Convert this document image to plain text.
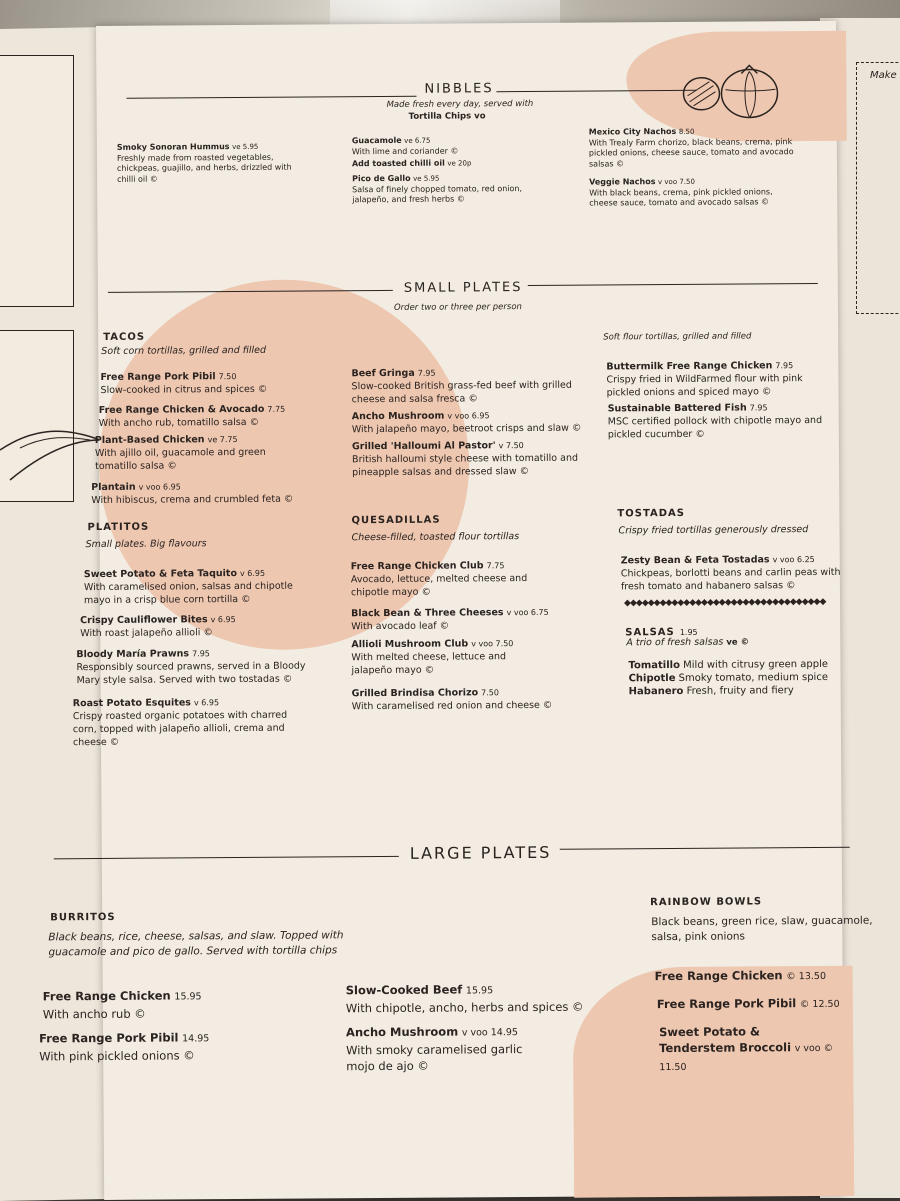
Make
NIBBLES
Made fresh every day, served with
Tortilla Chips vo
Smoky Sonoran Hummus ve 5.95
Freshly made from roasted vegetables, chickpeas, guajillo, and herbs, drizzled with chilli oil ©
Guacamole ve 6.75
With lime and coriander ©
Add toasted chilli oil ve 20p
Pico de Gallo ve 5.95
Salsa of finely chopped tomato, red onion, jalapeño, and fresh herbs ©
Mexico City Nachos 8.50
With Trealy Farm chorizo, black beans, crema, pink pickled onions, cheese sauce, tomato and avocado salsas ©
Veggie Nachos v voo 7.50
With black beans, crema, pink pickled onions, cheese sauce, tomato and avocado salsas ©
SMALL PLATES
Order two or three per person
TACOS
Soft corn tortillas, grilled and filled
Soft flour tortillas, grilled and filled
Free Range Pork Pibil 7.50
Slow-cooked in citrus and spices ©
Free Range Chicken & Avocado 7.75
With ancho rub, tomatillo salsa ©
Plant-Based Chicken ve 7.75
With ajillo oil, guacamole and green tomatillo salsa ©
Plantain v voo 6.95
With hibiscus, crema and crumbled feta ©
Beef Gringa 7.95
Slow-cooked British grass-fed beef with grilled cheese and salsa fresca ©
Ancho Mushroom v voo 6.95
With jalapeño mayo, beetroot crisps and slaw ©
Grilled 'Halloumi Al Pastor' v 7.50
British halloumi style cheese with tomatillo and pineapple salsas and dressed slaw ©
Buttermilk Free Range Chicken 7.95
Crispy fried in WildFarmed flour with pink pickled onions and spiced mayo ©
Sustainable Battered Fish 7.95
MSC certified pollock with chipotle mayo and pickled cucumber ©
PLATITOS
Small plates. Big flavours
Sweet Potato & Feta Taquito v 6.95
With caramelised onion, salsas and chipotle mayo in a crisp blue corn tortilla ©
Crispy Cauliflower Bites v 6.95
With roast jalapeño allioli ©
Bloody María Prawns 7.95
Responsibly sourced prawns, served in a Bloody Mary style salsa. Served with two tostadas ©
Roast Potato Esquites v 6.95
Crispy roasted organic potatoes with charred corn, topped with jalapeño allioli, crema and cheese ©
QUESADILLAS
Cheese-filled, toasted flour tortillas
Free Range Chicken Club 7.75
Avocado, lettuce, melted cheese and chipotle mayo ©
Black Bean & Three Cheeses v voo 6.75
With avocado leaf ©
Allioli Mushroom Club v voo 7.50
With melted cheese, lettuce and jalapeño mayo ©
Grilled Brindisa Chorizo 7.50
With caramelised red onion and cheese ©
TOSTADAS
Crispy fried tortillas generously dressed
Zesty Bean & Feta Tostadas v voo 6.25
Chickpeas, borlotti beans and carlin peas with fresh tomato and habanero salsas ©
◆◆◆◆◆◆◆◆◆◆◆◆◆◆◆◆◆◆◆◆◆◆◆◆◆◆◆◆◆◆◆◆◆◆
SALSAS 1.95
A trio of fresh salsas ve ©
Tomatillo Mild with citrusy green apple
Chipotle Smoky tomato, medium spice
Habanero Fresh, fruity and fiery
LARGE PLATES
BURRITOS
Black beans, rice, cheese, salsas, and slaw. Topped with guacamole and pico de gallo. Served with tortilla chips
Free Range Chicken 15.95
With ancho rub ©
Free Range Pork Pibil 14.95
With pink pickled onions ©
Slow-Cooked Beef 15.95
With chipotle, ancho, herbs and spices ©
Ancho Mushroom v voo 14.95
With smoky caramelised garlic mojo de ajo ©
RAINBOW BOWLS
Black beans, green rice, slaw, guacamole, salsa, pink onions
Free Range Chicken © 13.50
Free Range Pork Pibil © 12.50
Sweet Potato & Tenderstem Broccoli v voo © 11.50
